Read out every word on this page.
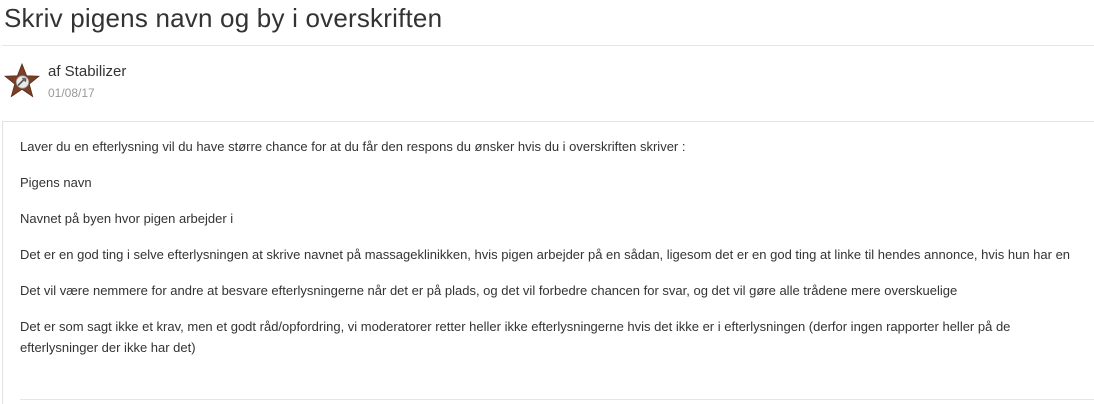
Skriv pigens navn og by i overskriften
af Stabilizer
01/08/17

Laver du en efterlysning vil du have større chance for at du får den respons du ønsker hvis du i overskriften skriver :

Pigens navn

Navnet på byen hvor pigen arbejder i

Det er en god ting i selve efterlysningen at skrive navnet på massageklinikken, hvis pigen arbejder på en sådan, ligesom det er en god ting at linke til hendes annonce, hvis hun har en

Det vil være nemmere for andre at besvare efterlysningerne når det er på plads, og det vil forbedre chancen for svar, og det vil gøre alle trådene mere overskuelige

Det er som sagt ikke et krav, men et godt råd/opfordring, vi moderatorer retter heller ikke efterlysningerne hvis det ikke er i efterlysningen (derfor ingen rapporter heller på de efterlysninger der ikke har det)
